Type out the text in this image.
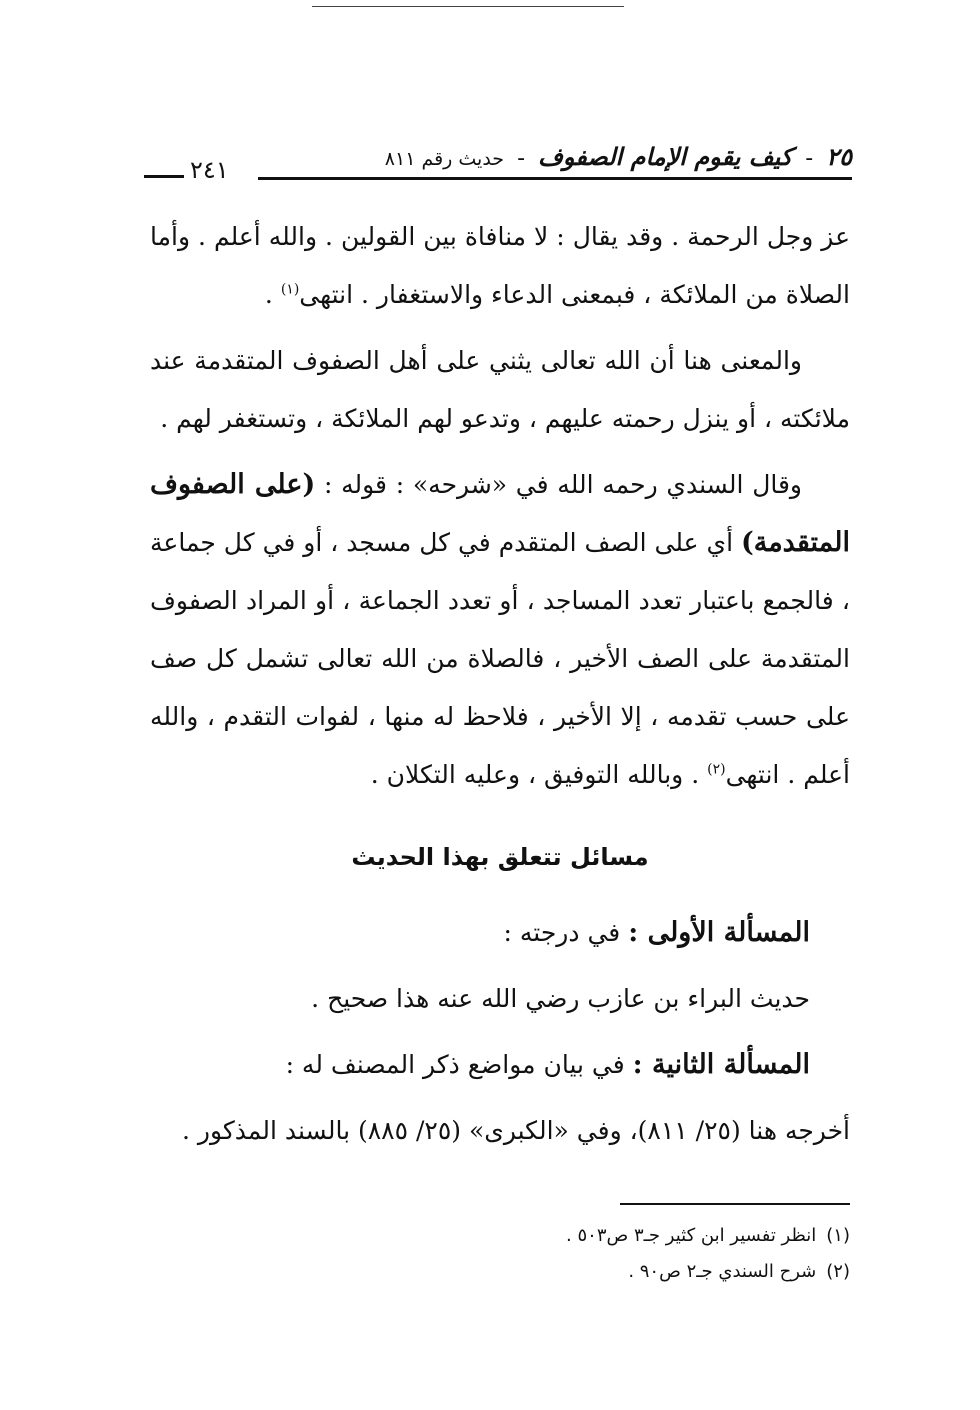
٢٥ - كيف يقوم الإمام الصفوف - حديث رقم ٨١١
٢٤١

عز وجل الرحمة . وقد يقال : لا منافاة بين القولين . والله أعلم . وأما الصلاة من الملائكة ، فبمعنى الدعاء والاستغفار . انتهى$^{(١)}$ .

والمعنى هنا أن الله تعالى يثني على أهل الصفوف المتقدمة عند ملائكته ، أو ينزل رحمته عليهم ، وتدعو لهم الملائكة ، وتستغفر لهم .

وقال السندي رحمه الله في «شرحه» : قوله : (على الصفوف المتقدمة) أي على الصف المتقدم في كل مسجد ، أو في كل جماعة ، فالجمع باعتبار تعدد المساجد ، أو تعدد الجماعة ، أو المراد الصفوف المتقدمة على الصف الأخير ، فالصلاة من الله تعالى تشمل كل صف على حسب تقدمه ، إلا الأخير ، فلاحظ له منها ، لفوات التقدم ، والله أعلم . انتهى$^{(٢)}$ . وبالله التوفيق ، وعليه التكلان .

مسائل تتعلق بهذا الحديث

المسألة الأولى : في درجته :

حديث البراء بن عازب رضي الله عنه هذا صحيح .

المسألة الثانية : في بيان مواضع ذكر المصنف له :

أخرجه هنا (٢٥/ ٨١١)، وفي «الكبرى» (٢٥/ ٨٨٥) بالسند المذكور .

(١)انظر تفسير ابن كثير جـ٣ ص٥٠٣ .
(٢)شرح السندي جـ٢ ص٩٠ .
